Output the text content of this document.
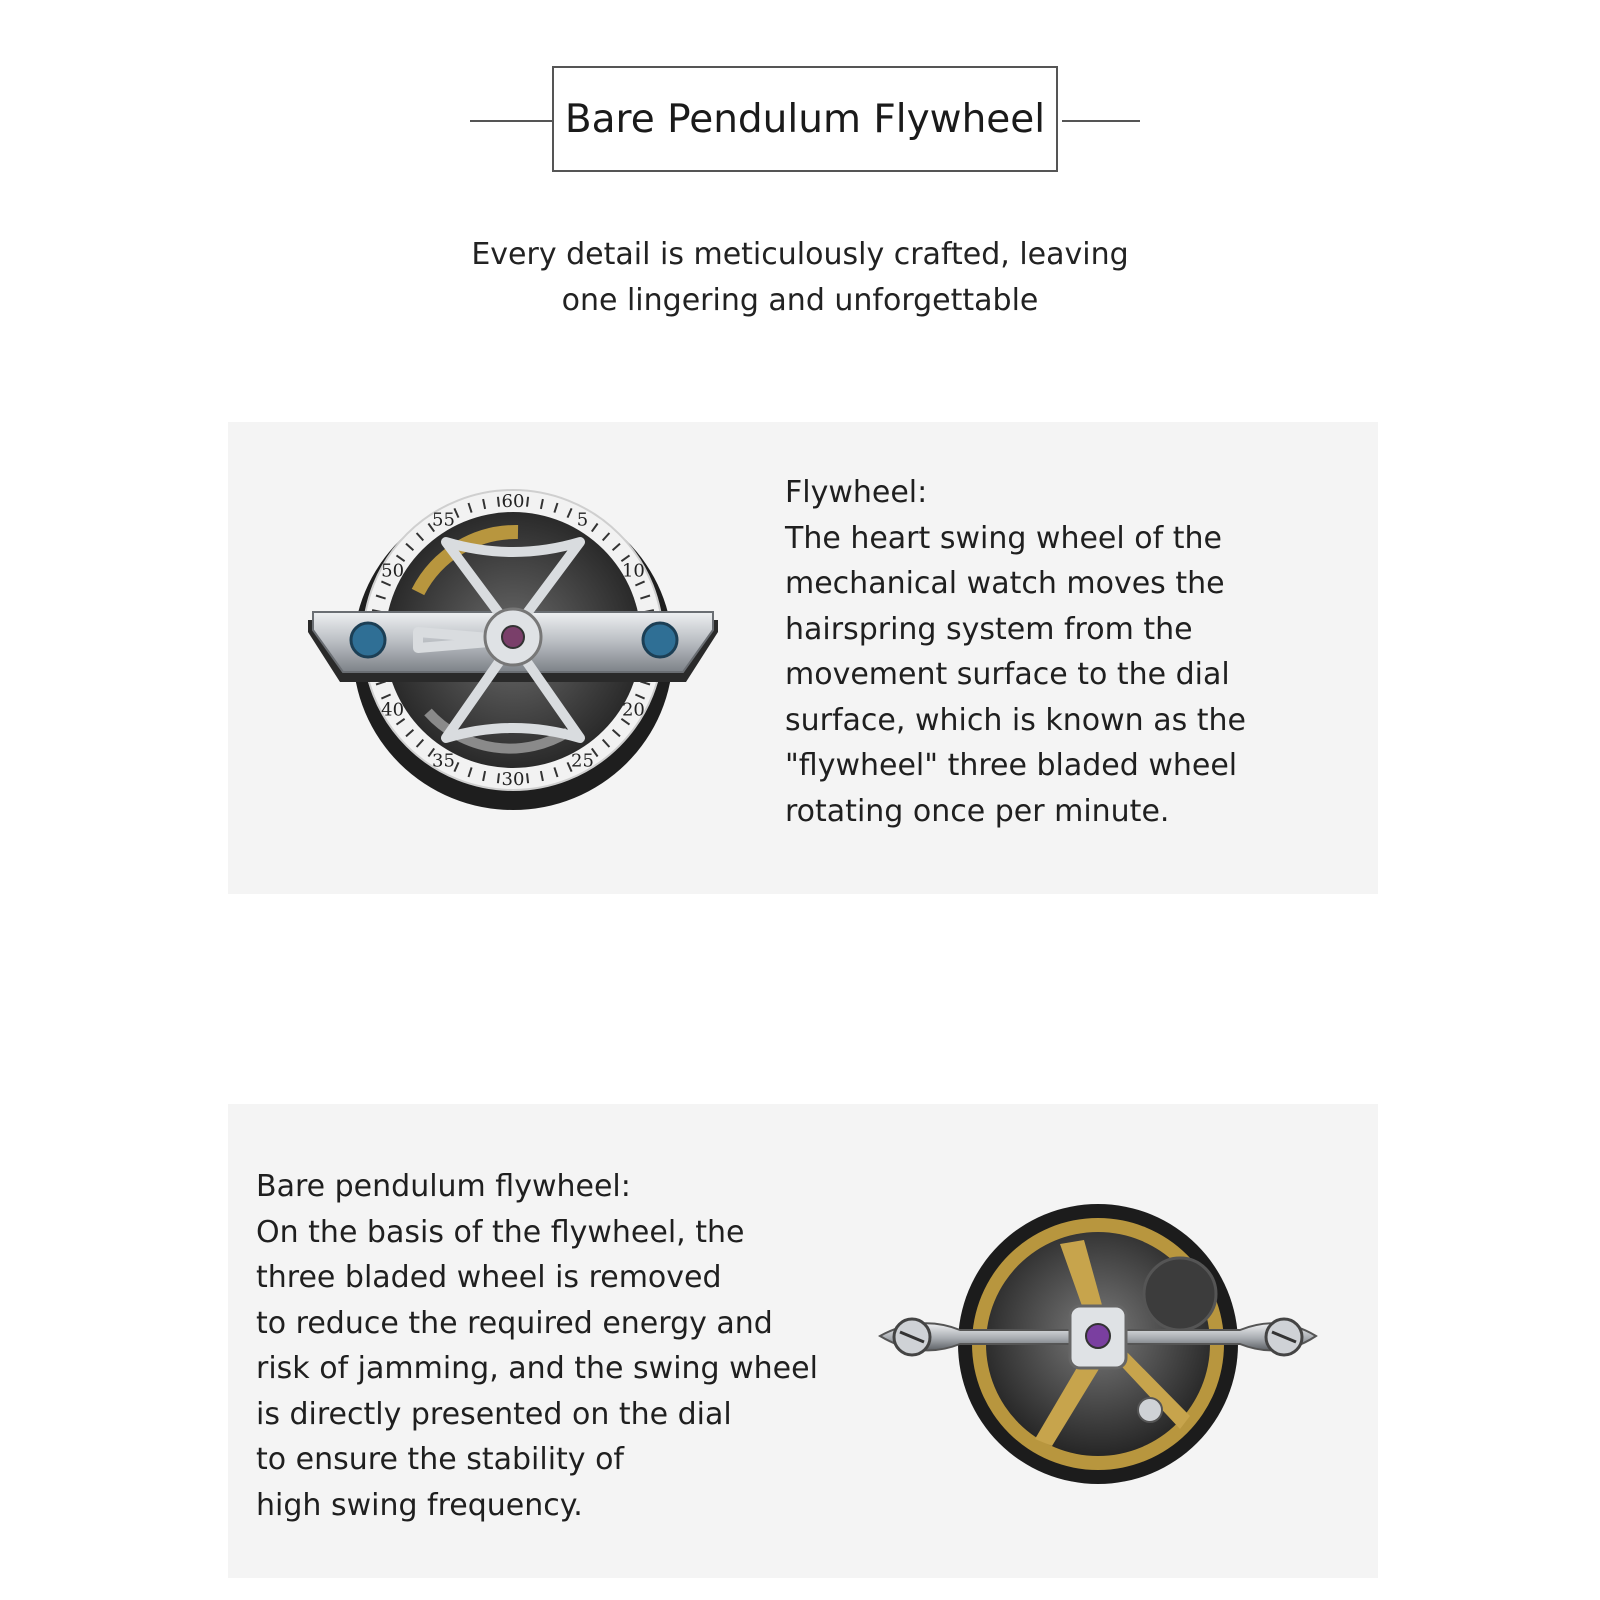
Bare Pendulum Flywheel
Every detail is meticulously crafted, leaving
one lingering and unforgettable
60
5
10
20
25
30
35
40
50
55
Flywheel:
The heart swing wheel of the
mechanical watch moves the
hairspring system from the
movement surface to the dial
surface, which is known as the
"flywheel" three bladed wheel
rotating once per minute.
Bare pendulum flywheel:
On the basis of the flywheel, the
three bladed wheel is removed
to reduce the required energy and
risk of jamming, and the swing wheel
is directly presented on the dial
to ensure the stability of
high swing frequency.
